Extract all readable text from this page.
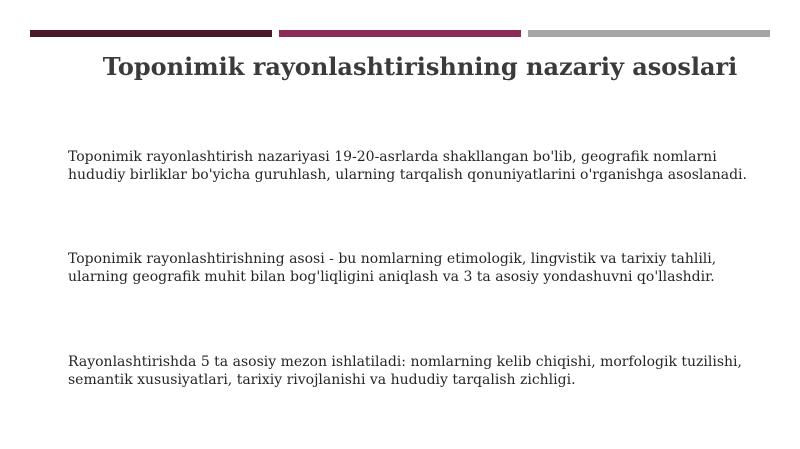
Toponimik rayonlashtirishning nazariy asoslari
Toponimik rayonlashtirish nazariyasi 19-20-asrlarda shakllangan bo'lib, geografik nomlarni hududiy birliklar bo'yicha guruhlash, ularning tarqalish qonuniyatlarini o'rganishga asoslanadi.
Toponimik rayonlashtirishning asosi - bu nomlarning etimologik, lingvistik va tarixiy tahlili, ularning geografik muhit bilan bog'liqligini aniqlash va 3 ta asosiy yondashuvni qo'llashdir.
Rayonlashtirishda 5 ta asosiy mezon ishlatiladi: nomlarning kelib chiqishi, morfologik tuzilishi, semantik xususiyatlari, tarixiy rivojlanishi va hududiy tarqalish zichligi.
